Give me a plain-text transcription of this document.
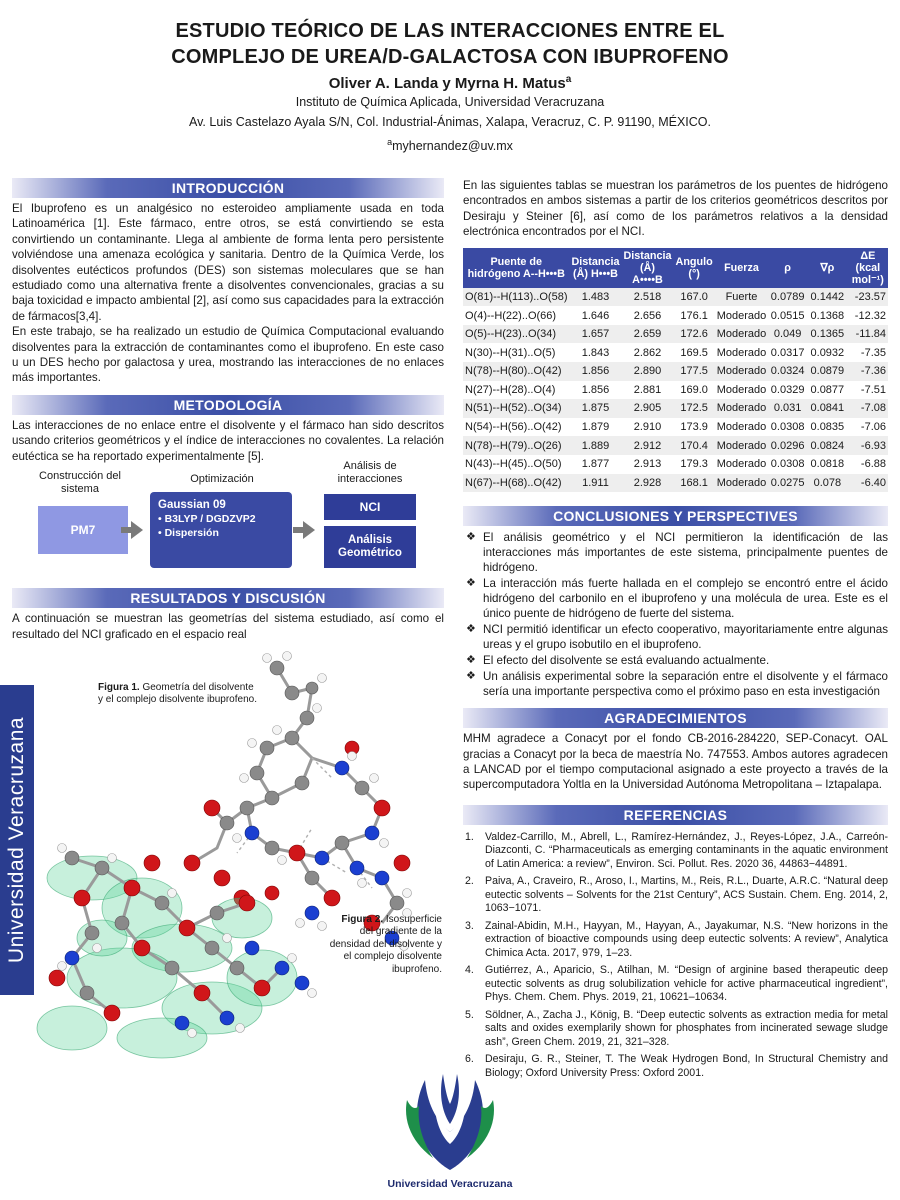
ESTUDIO TEÓRICO DE LAS INTERACCIONES ENTRE EL
COMPLEJO DE UREA/D-GALACTOSA CON IBUPROFENO
Oliver A. Landa y Myrna H. Matus$^a$
Instituto de Química Aplicada, Universidad Veracruzana
Av. Luis Castelazo Ayala S/N, Col. Industrial-Ánimas, Xalapa, Veracruz, C. P. 91190, MÉXICO.
$^a$myhernandez@uv.mx
INTRODUCCIÓN

El Ibuprofeno es un analgésico no esteroideo ampliamente usada en toda Latinoamérica [1]. Este fármaco, entre otros, se está convirtiendo se esta convirtiendo un contaminante. Llega al ambiente de forma lenta pero persistente volviéndose una amenaza ecológica y sanitaria. Dentro de la Química Verde, los disolventes eutécticos profundos (DES) son sistemas moleculares que se han estudiado como una alternativa frente a disolventes convencionales, gracias a su baja toxicidad e impacto ambiental [2], así como sus capacidades para la extracción de fármacos[3,4].

En este trabajo, se ha realizado un estudio de Química Computacional evaluando disolventes para la extracción de contaminantes como el ibuprofeno. En este caso u un DES hecho por galactosa y urea, mostrando las interacciones de no enlaces más importantes.

METODOLOGÍA

Las interacciones de no enlace entre el disolvente y el fármaco han sido descritos usando criterios geométricos y el índice de interacciones no covalentes. La relación eutéctica se ha reportado experimentalmente [5].

Construcción del sistema
Optimización
Análisis de interacciones
PM7
Gaussian 09
• B3LYP / DGDZVP2
• Dispersión
NCI
Análisis Geométrico
RESULTADOS Y DISCUSIÓN

A continuación se muestran las geometrías del sistema estudiado, así como el resultado del NCI graficado en el espacio real

Figura 1. Geometría del disolvente y el complejo disolvente ibuprofeno.
Figura 2. Isosuperficie del gradiente de la densidad del disolvente y el complejo disolvente ibuprofeno.
Universidad Veracruzana

En las siguientes tablas se muestran los parámetros de los puentes de hidrógeno encontrados en ambos sistemas a partir de los criterios geométricos descritos por Desiraju y Steiner [6], así como de los parámetros relativos a la densidad electrónica encontrados por el NCI.

Puente de hidrógeno A--H•••B	Distancia (Å) H•••B	Distancia (Å) A••••B	Angulo (°)	Fuerza	ρ	∇ρ	ΔE (kcal mol⁻¹)
O(81)--H(113)..O(58)	1.483	2.518	167.0	Fuerte	0.0789	0.1442	-23.57
O(4)--H(22)..O(66)	1.646	2.656	176.1	Moderado	0.0515	0.1368	-12.32
O(5)--H(23)..O(34)	1.657	2.659	172.6	Moderado	0.049	0.1365	-11.84
N(30)--H(31)..O(5)	1.843	2.862	169.5	Moderado	0.0317	0.0932	-7.35
N(78)--H(80)..O(42)	1.856	2.890	177.5	Moderado	0.0324	0.0879	-7.36
N(27)--H(28)..O(4)	1.856	2.881	169.0	Moderado	0.0329	0.0877	-7.51
N(51)--H(52)..O(34)	1.875	2.905	172.5	Moderado	0.031	0.0841	-7.08
N(54)--H(56)..O(42)	1.879	2.910	173.9	Moderado	0.0308	0.0835	-7.06
N(78)--H(79)..O(26)	1.889	2.912	170.4	Moderado	0.0296	0.0824	-6.93
N(43)--H(45)..O(50)	1.877	2.913	179.3	Moderado	0.0308	0.0818	-6.88
N(67)--H(68)..O(42)	1.911	2.928	168.1	Moderado	0.0275	0.078	-6.40
CONCLUSIONES Y PERSPECTIVES
❖ El análisis geométrico y el NCI permitieron la identificación de las interacciones más importantes de este sistema, principalmente puentes de hidrógeno.
❖ La interacción más fuerte hallada en el complejo se encontró entre el ácido hidrógeno del carbonilo en el ibuprofeno y una molécula de urea. Este es el único puente de hidrógeno de fuerte del sistema.
❖ NCI permitió identificar un efecto cooperativo, mayoritariamente entre algunas ureas y el grupo isobutilo en el ibuprofeno.
❖ El efecto del disolvente se está evaluando actualmente.
❖ Un análisis experimental sobre la separación entre el disolvente y el fármaco sería una importante perspectiva como el próximo paso en esta investigación
AGRADECIMIENTOS

MHM agradece a Conacyt por el fondo CB-2016-284220, SEP-Conacyt. OAL gracias a Conacyt por la beca de maestría No. 747553. Ambos autores agradecen a LANCAD por el tiempo computacional asignado a este proyecto a través de la supercomputadora Yoltla en la Universidad Autónoma Metropolitana – Iztapalapa.

REFERENCIAS
1. Valdez-Carrillo, M., Abrell, L., Ramírez-Hernández, J., Reyes-López, J.A., Carreón-Diazconti, C. “Pharmaceuticals as emerging contaminants in the aquatic environment of Latin America: a review”, Environ. Sci. Pollut. Res. 2020 36, 44863−44891.
2. Paiva, A., Craveiro, R., Aroso, I., Martins, M., Reis, R.L., Duarte, A.R.C. “Natural deep eutectic solvents – Solvents for the 21st Century”, ACS Sustain. Chem. Eng. 2014, 2, 1063−1071.
3. Zainal-Abidin, M.H., Hayyan, M., Hayyan, A., Jayakumar, N.S. “New horizons in the extraction of bioactive compounds using deep eutectic solvents: A review”, Analytica Chimica Acta. 2017, 979, 1–23.
4. Gutiérrez, A., Aparicio, S., Atilhan, M. “Design of arginine based therapeutic deep eutectic solvents as drug solubilization vehicle for active pharmaceutical ingredient”, Phys. Chem. Chem. Phys. 2019, 21, 10621–10634.
5. Söldner, A., Zacha J., König, B. “Deep eutectic solvents as extraction media for metal salts and oxides exemplarily shown for phosphates from incinerated sewage sludge ash”, Green Chem. 2019, 21, 321–328.
6. Desiraju, G. R., Steiner, T. The Weak Hydrogen Bond, In Structural Chemistry and Biology; Oxford University Press: Oxford 2001.
Universidad Veracruzana
